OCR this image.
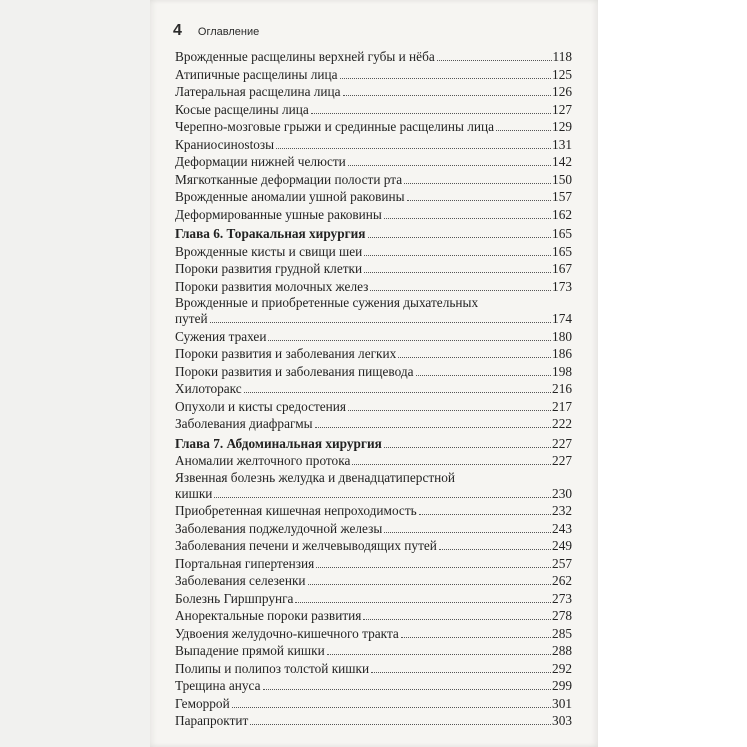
4 Оглавление
Врожденные расщелины верхней губы и нёба	118
Атипичные расщелины лица	125
Латеральная расщелина лица	126
Косые расщелины лица	127
Черепно-мозговые грыжи и срединные расщелины лица	129
Краниосинostозы	131
Деформации нижней челюсти	142
Мягкотканные деформации полости рта	150
Врожденные аномалии ушной раковины	157
Деформированные ушные раковины	162
Глава 6. Торакальная хирургия	165
Врожденные кисты и свищи шеи	165
Пороки развития грудной клетки	167
Пороки развития молочных желез	173
Врожденные и приобретенные сужения дыхательных
путей	174
Сужения трахеи	180
Пороки развития и заболевания легких	186
Пороки развития и заболевания пищевода	198
Хилоторакс	216
Опухоли и кисты средостения	217
Заболевания диафрагмы	222
Глава 7. Абдоминальная хирургия	227
Аномалии желточного протока	227
Язвенная болезнь желудка и двенадцатиперстной
кишки	230
Приобретенная кишечная непроходимость	232
Заболевания поджелудочной железы	243
Заболевания печени и желчевыводящих путей	249
Портальная гипертензия	257
Заболевания селезенки	262
Болезнь Гиршпрунга	273
Аноректальные пороки развития	278
Удвоения желудочно-кишечного тракта	285
Выпадение прямой кишки	288
Полипы и полипоз толстой кишки	292
Трещина ануса	299
Геморрой	301
Парапроктит	303
